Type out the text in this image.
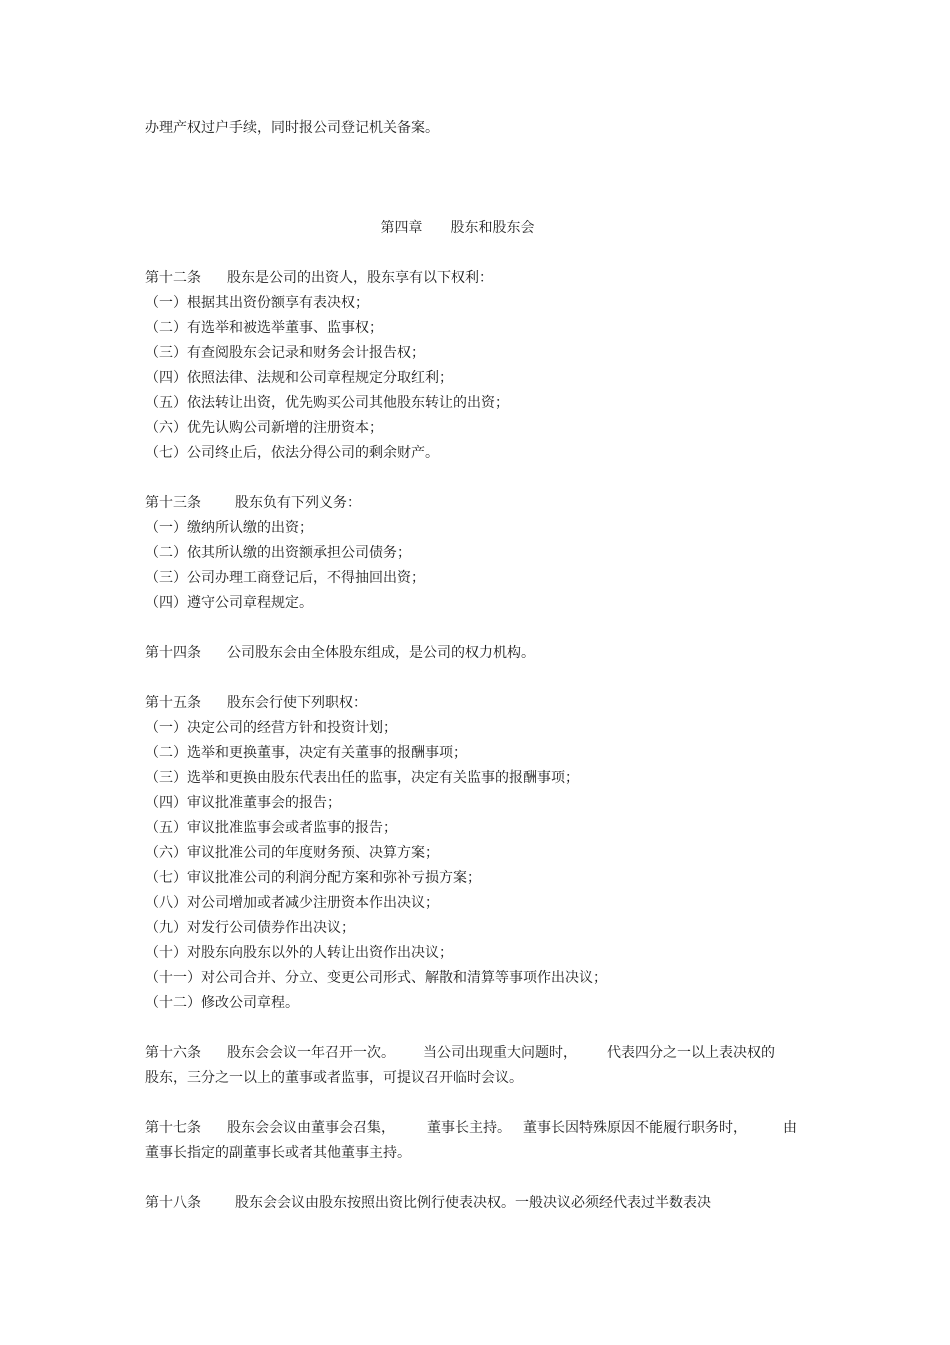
办理产权过户手续，同时报公司登记机关备案。
第四章 股东和股东会
第十二条 股东是公司的出资人，股东享有以下权利：
（一）根据其出资份额享有表决权；
（二）有选举和被选举董事、监事权；
（三）有查阅股东会记录和财务会计报告权；
（四）依照法律、法规和公司章程规定分取红利；
（五）依法转让出资，优先购买公司其他股东转让的出资；
（六）优先认购公司新增的注册资本；
（七）公司终止后，依法分得公司的剩余财产。
第十三条 股东负有下列义务：
（一）缴纳所认缴的出资；
（二）依其所认缴的出资额承担公司债务；
（三）公司办理工商登记后，不得抽回出资；
（四）遵守公司章程规定。
第十四条 公司股东会由全体股东组成，是公司的权力机构。
第十五条 股东会行使下列职权：
（一）决定公司的经营方针和投资计划；
（二）选举和更换董事，决定有关董事的报酬事项；
（三）选举和更换由股东代表出任的监事，决定有关监事的报酬事项；
（四）审议批准董事会的报告；
（五）审议批准监事会或者监事的报告；
（六）审议批准公司的年度财务预、决算方案；
（七）审议批准公司的利润分配方案和弥补亏损方案；
（八）对公司增加或者减少注册资本作出决议；
（九）对发行公司债券作出决议；
（十）对股东向股东以外的人转让出资作出决议；
（十一）对公司合并、分立、变更公司形式、解散和清算等事项作出决议；
（十二）修改公司章程。
第十六条 股东会会议一年召开一次。 当公司出现重大问题时， 代表四分之一以上表决权的
股东，三分之一以上的董事或者监事，可提议召开临时会议。
第十七条 股东会会议由董事会召集， 董事长主持。 董事长因特殊原因不能履行职务时，	由
董事长指定的副董事长或者其他董事主持。
第十八条 股东会会议由股东按照出资比例行使表决权。一般决议必须经代表过半数表决
